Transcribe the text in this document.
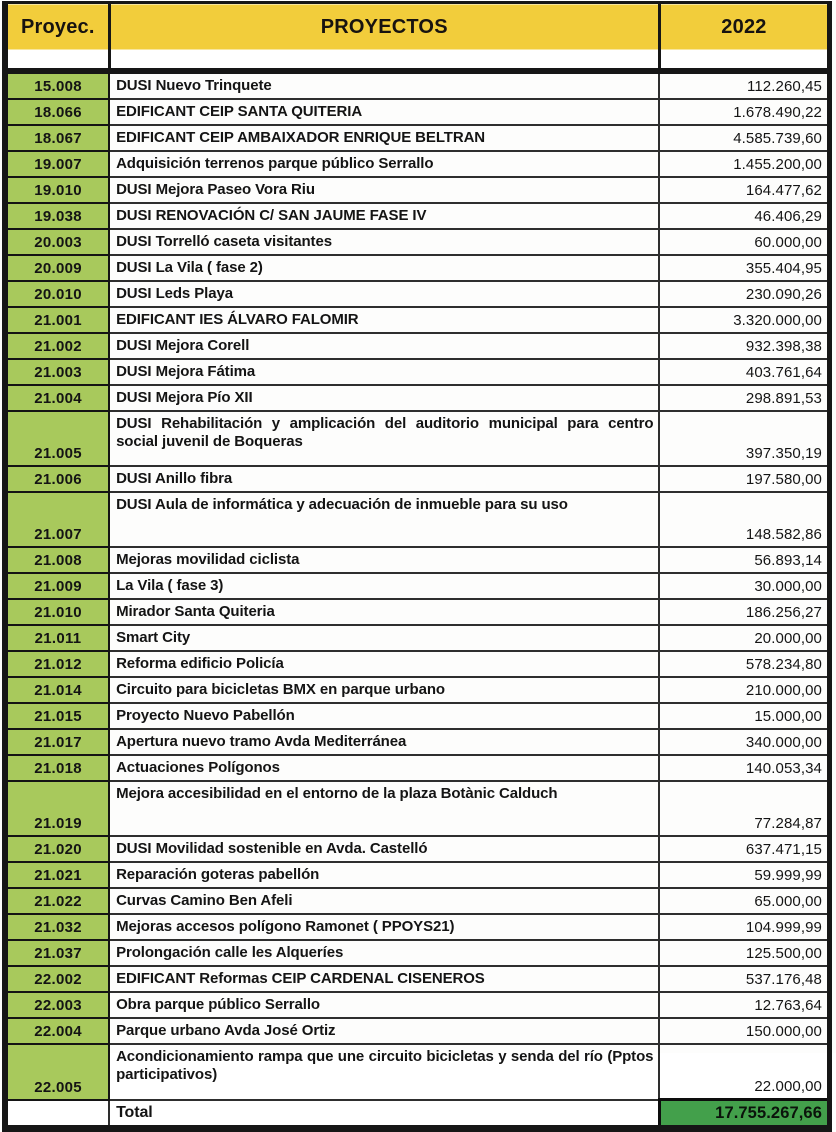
Proyec.	PROYECTOS	2022
15.008	DUSI Nuevo Trinquete	112.260,45
18.066	EDIFICANT CEIP SANTA QUITERIA	1.678.490,22
18.067	EDIFICANT CEIP AMBAIXADOR ENRIQUE BELTRAN	4.585.739,60
19.007	Adquisición terrenos parque público Serrallo	1.455.200,00
19.010	DUSI Mejora Paseo Vora Riu	164.477,62
19.038	DUSI RENOVACIÓN C/ SAN JAUME FASE IV	46.406,29
20.003	DUSI Torrelló caseta visitantes	60.000,00
20.009	DUSI La Vila ( fase 2)	355.404,95
20.010	DUSI Leds Playa	230.090,26
21.001	EDIFICANT IES ÁLVARO FALOMIR	3.320.000,00
21.002	DUSI Mejora Corell	932.398,38
21.003	DUSI Mejora Fátima	403.761,64
21.004	DUSI Mejora Pío XII	298.891,53
21.005	DUSI Rehabilitación y amplicación del auditorio municipal para centro social juvenil de Boqueras	397.350,19
21.006	DUSI Anillo fibra	197.580,00
21.007	DUSI Aula de informática y adecuación de inmueble para su uso	148.582,86
21.008	Mejoras movilidad ciclista	56.893,14
21.009	La Vila ( fase 3)	30.000,00
21.010	Mirador Santa Quiteria	186.256,27
21.011	Smart City	20.000,00
21.012	Reforma edificio Policía	578.234,80
21.014	Circuito para bicicletas BMX en parque urbano	210.000,00
21.015	Proyecto Nuevo Pabellón	15.000,00
21.017	Apertura nuevo tramo Avda Mediterránea	340.000,00
21.018	Actuaciones Polígonos	140.053,34
21.019	Mejora accesibilidad en el entorno de la plaza Botànic Calduch	77.284,87
21.020	DUSI Movilidad sostenible en Avda. Castelló	637.471,15
21.021	Reparación goteras pabellón	59.999,99
21.022	Curvas Camino Ben Afeli	65.000,00
21.032	Mejoras accesos polígono Ramonet ( PPOYS21)	104.999,99
21.037	Prolongación calle les Alqueríes	125.500,00
22.002	EDIFICANT Reformas CEIP CARDENAL CISENEROS	537.176,48
22.003	Obra parque público Serrallo	12.763,64
22.004	Parque urbano Avda José Ortiz	150.000,00
22.005	Acondicionamiento rampa que une circuito bicicletas y senda del río (Pptos participativos)	22.000,00
	Total	17.755.267,66
